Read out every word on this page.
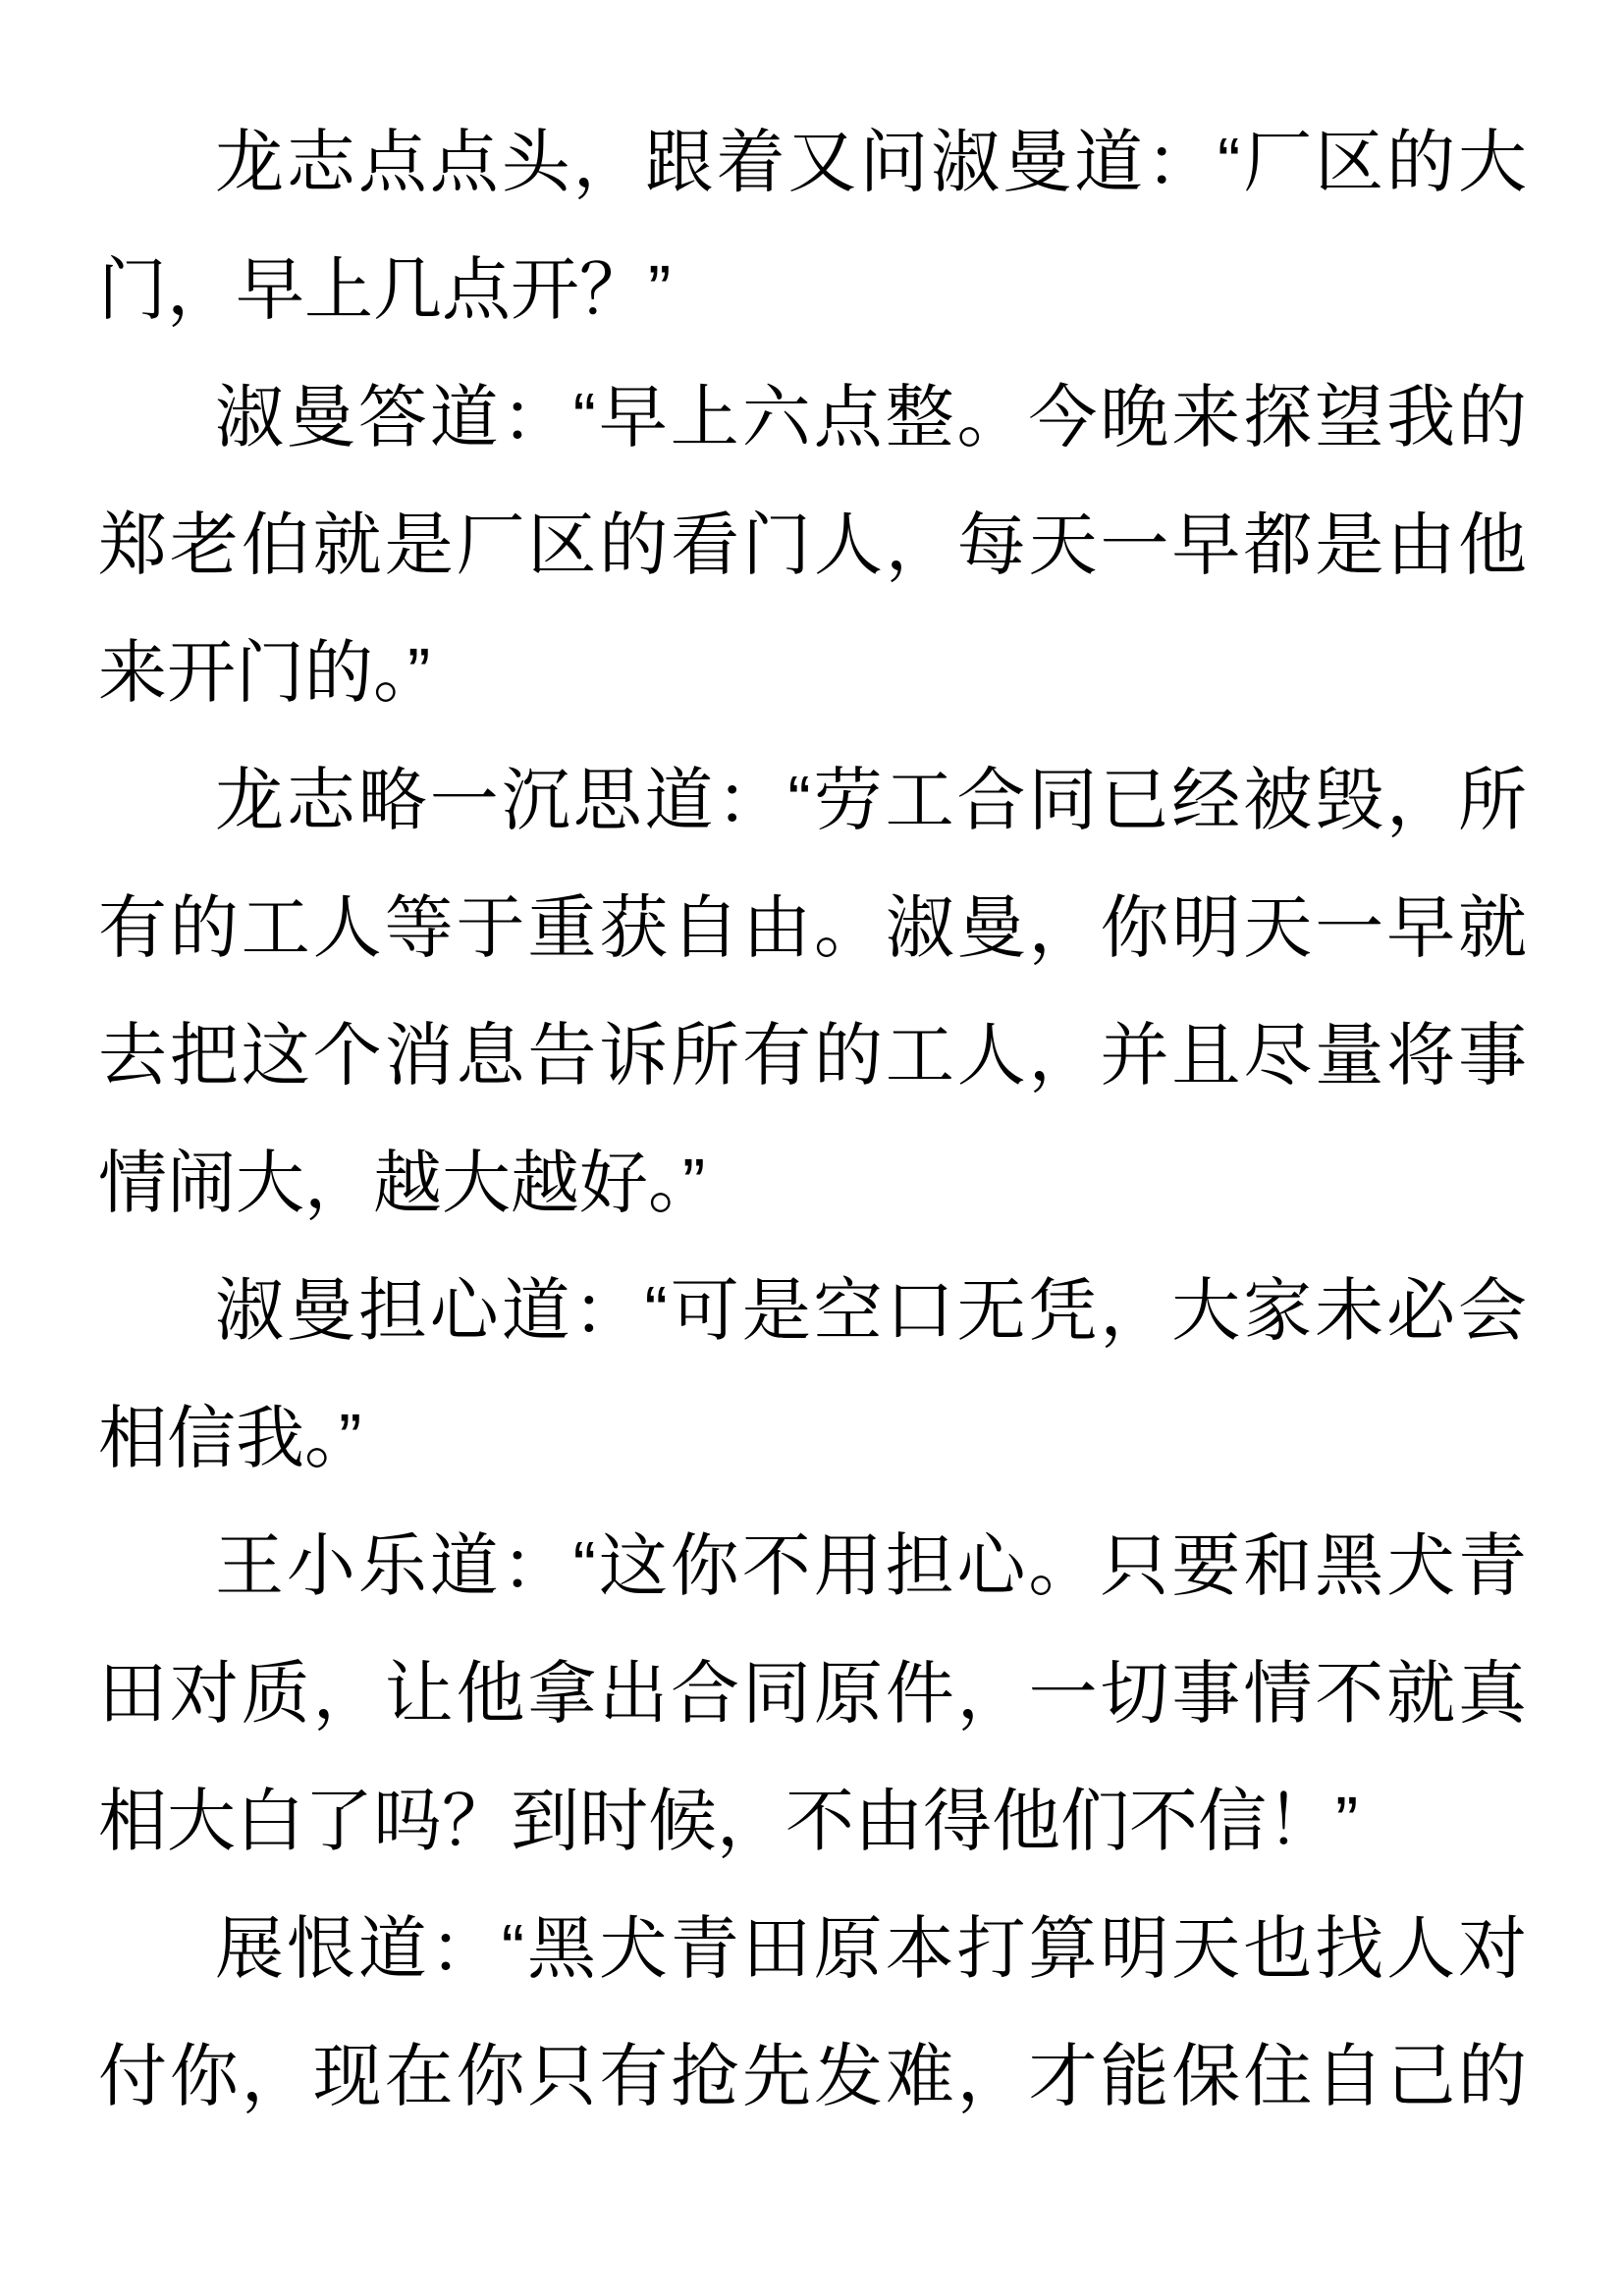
龙志点点头，跟着又问淑曼道：“厂区的大
门，早上几点开？”
淑曼答道：“早上六点整。今晚来探望我的
郑老伯就是厂区的看门人，每天一早都是由他
来开门的。”
龙志略一沉思道：“劳工合同已经被毁，所
有的工人等于重获自由。淑曼，你明天一早就
去把这个消息告诉所有的工人，并且尽量将事
情闹大，越大越好。”
淑曼担心道：“可是空口无凭，大家未必会
相信我。”
王小乐道：“这你不用担心。只要和黑犬青
田对质，让他拿出合同原件，一切事情不就真
相大白了吗？到时候，不由得他们不信！”
展恨道：“黑犬青田原本打算明天也找人对
付你，现在你只有抢先发难，才能保住自己的
